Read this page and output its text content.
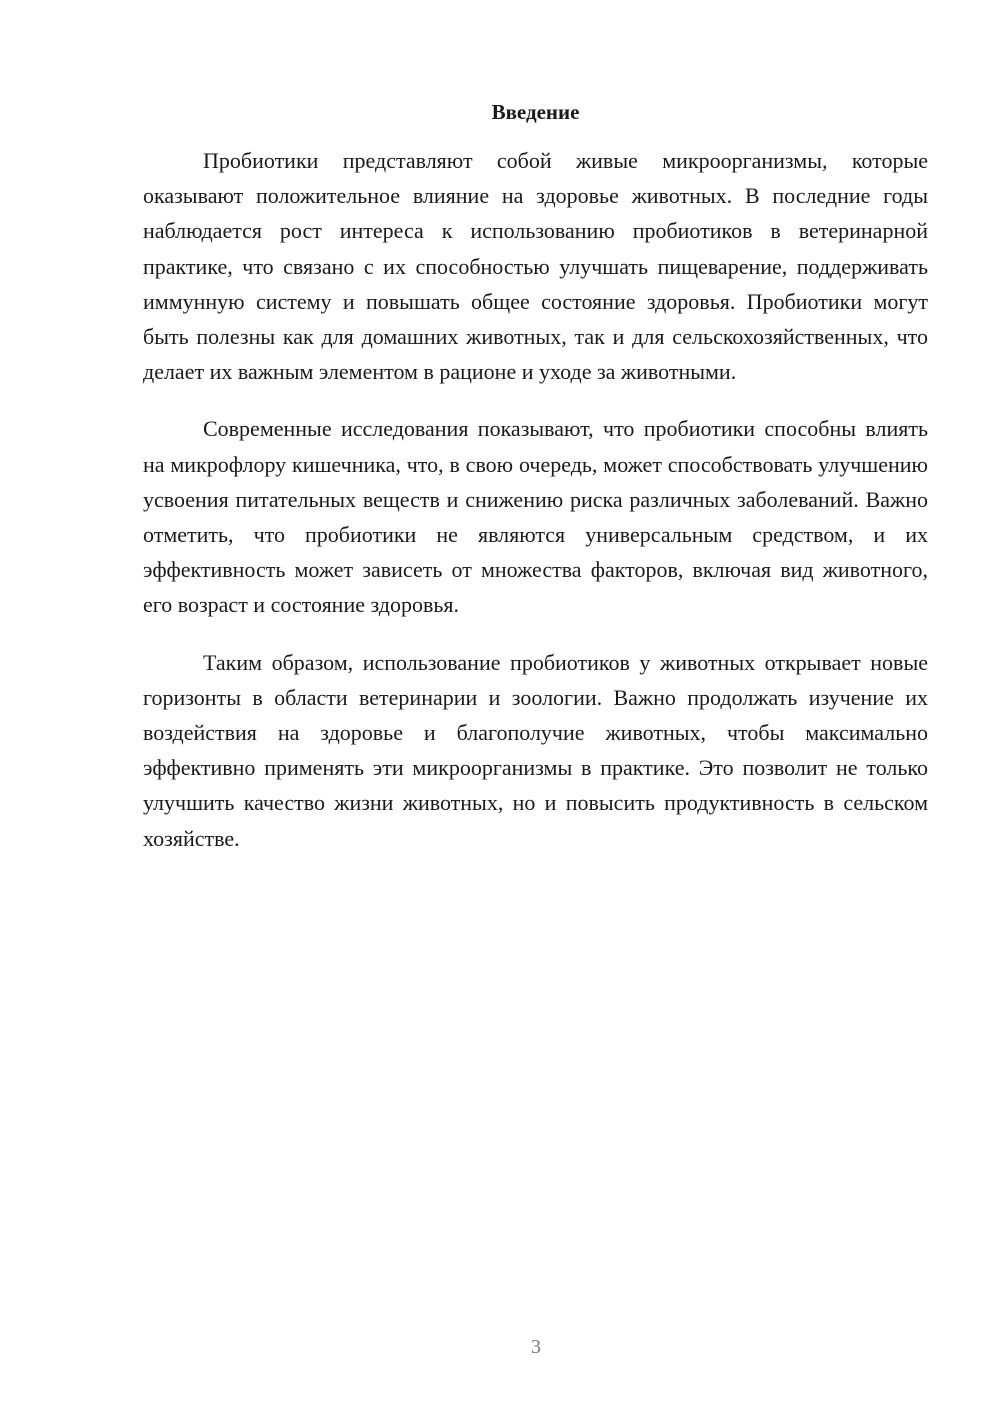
Введение

Пробиотики представляют собой живые микроорганизмы, которые оказывают положительное влияние на здоровье животных. В последние годы наблюдается рост интереса к использованию пробиотиков в ветеринарной практике, что связано с их способностью улучшать пищеварение, поддерживать иммунную систему и повышать общее состояние здоровья. Пробиотики могут быть полезны как для домашних животных, так и для сельскохозяйственных, что делает их важным элементом в рационе и уходе за животными.

Современные исследования показывают, что пробиотики способны влиять на микрофлору кишечника, что, в свою очередь, может способствовать улучшению усвоения питательных веществ и снижению риска различных заболеваний. Важно отметить, что пробиотики не являются универсальным средством, и их эффективность может зависеть от множества факторов, включая вид животного, его возраст и состояние здоровья.

Таким образом, использование пробиотиков у животных открывает новые горизонты в области ветеринарии и зоологии. Важно продолжать изучение их воздействия на здоровье и благополучие животных, чтобы максимально эффективно применять эти микроорганизмы в практике. Это позволит не только улучшить качество жизни животных, но и повысить продуктивность в сельском хозяйстве.

3
